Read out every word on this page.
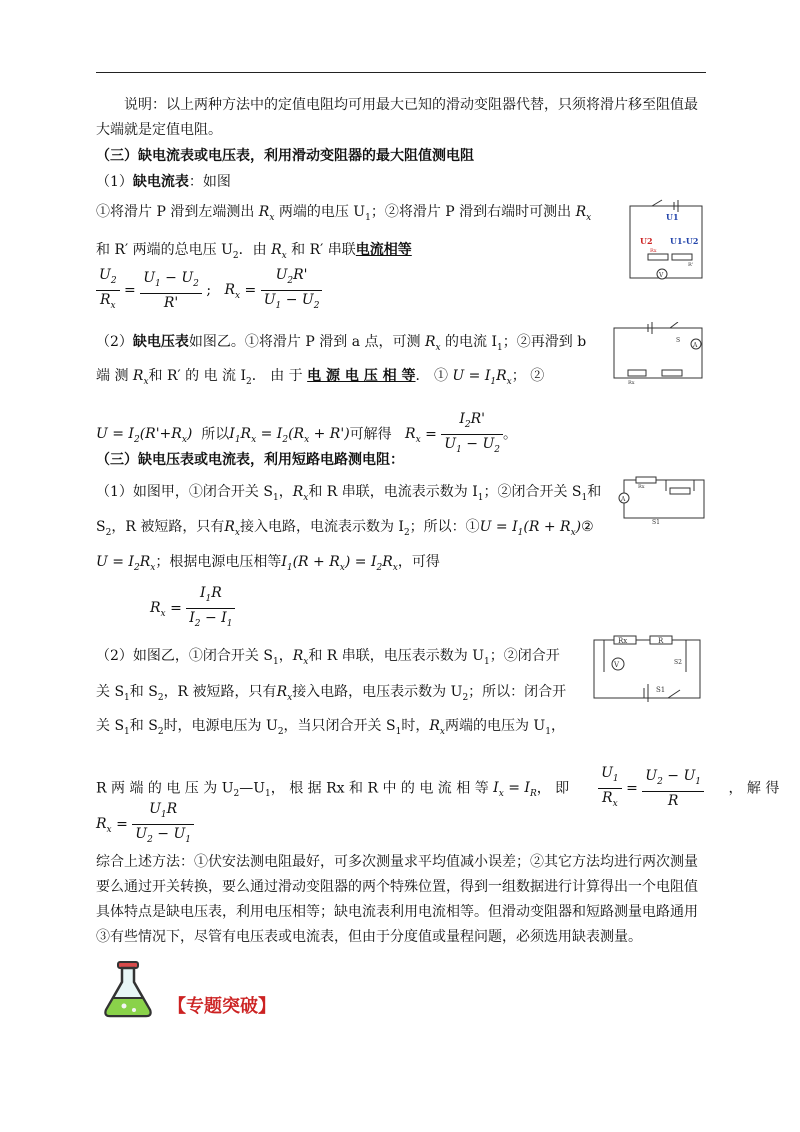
说明：以上两种方法中的定值电阻均可用最大已知的滑动变阻器代替，只须将滑片移至阻值最
大端就是定值电阻。
（三）缺电流表或电压表，利用滑动变阻器的最大阻值测电阻
（1）缺电流表：如图
①将滑片 P 滑到左端测出 $R_x$ 两端的电压 $U_1$；②将滑片 P 滑到右端时可测出 $R_x$
和 R′ 两端的总电压 $U_2$．由 $R_x$ 和 R′ 串联电流相等
$\frac{U_2}{R_x} = \frac{U_1 - U_2}{R'}$ ; $R_x = \frac{U_2R'}{U_1 - U_2}$
（2）缺电压表如图乙。①将滑片 P 滑到 a 点，可测 $R_x$ 的电流 $I_1$；②再滑到 b
端 测 $R_x$和 R′ 的 电 流 $I_2$． 由 于 电 源 电 压 相 等． ① $U = I_1R_x$； ②
$U = I_2(R'+R_x)$ 所以$I_1R_x = I_2(R_x + R')$可解得 $R_x = \frac{I_2R'}{U_1 - U_2}$ 。
（三）缺电压表或电流表，利用短路电路测电阻：
（1）如图甲，①闭合开关 $S_1$，$R_x$和 R 串联，电流表示数为 $I_1$；②闭合开关 $S_1$和
$S_2$，R 被短路，只有$R_x$接入电路，电流表示数为 $I_2$；所以：①U = $I_1(R$ + $R_x)②$
$U = I_2R_x$；根据电源电压相等$I_1(R + R_x) = I_2R_x$，可得
$R_x = \frac{I_1R}{I_2 - I_1}$
（2）如图乙，①闭合开关 $S_1$，$R_x$和 R 串联，电压表示数为 $U_1$；②闭合开
关 $S_1$和 $S_2$，R 被短路，只有$R_x$接入电路，电压表示数为 $U_2$；所以：闭合开
关 $S_1$和 $S_2$时，电源电压为 $U_2$，当只闭合开关 $S_1$时，$R_x$两端的电压为 $U_1$，
R 两 端 的 电 压 为 $U_2—U_1$， 根 据 Rx 和 R 中 的 电 流 相 等 $I_x = I_R$， 即 $\frac{U_1}{R_x} = \frac{U_2 - U_1}{R}$ ， 解 得
$R_x = \frac{U_1R}{U_2 - U_1}$
综合上述方法：①伏安法测电阻最好，可多次测量求平均值减小误差；②其它方法均进行两次测量
要么通过开关转换，要么通过滑动变阻器的两个特殊位置，得到一组数据进行计算得出一个电阻值
具体特点是缺电压表，利用电压相等；缺电流表利用电流相等。但滑动变阻器和短路测量电路通用
③有些情况下，尽管有电压表或电流表，但由于分度值或量程问题，必须选用缺表测量。
V
U1
U2 U1-U2
Rx
R'
A
S
Rx
A
S1
Rx
V
S1
S2
Rx	R
【专题突破】
